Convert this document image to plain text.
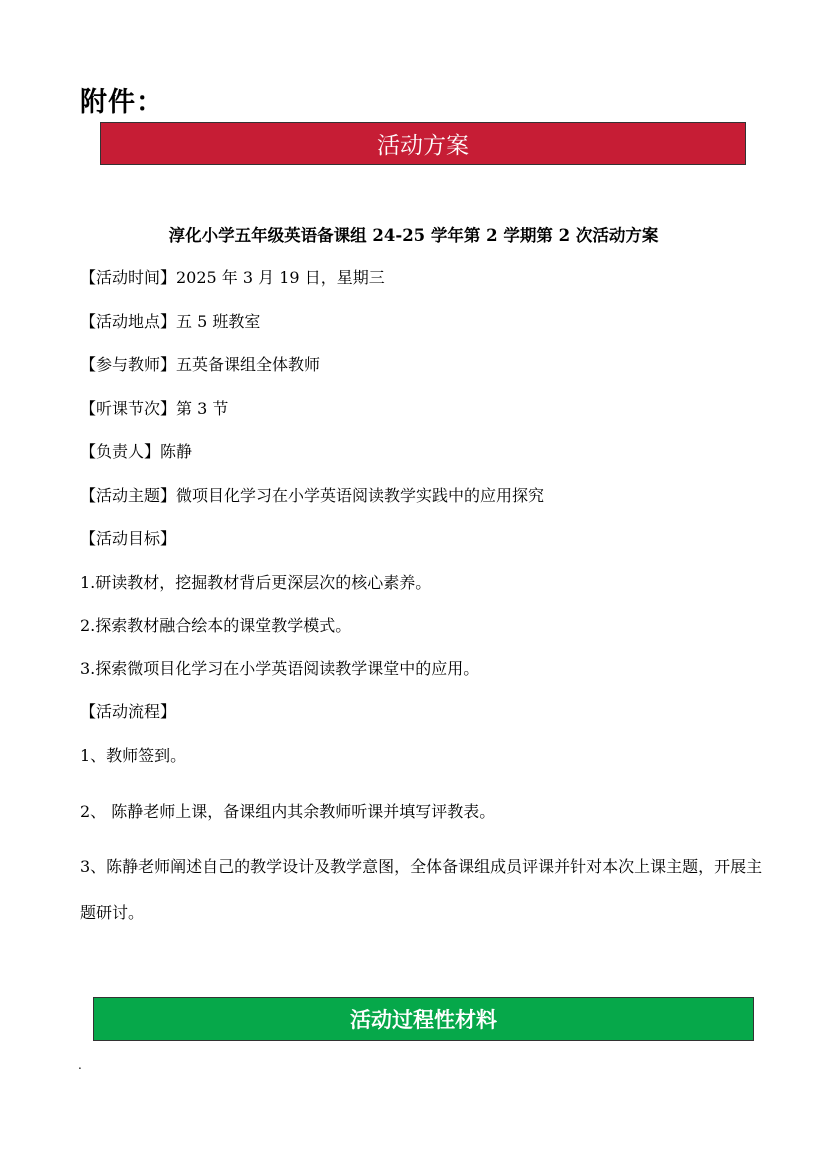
附件：
活动方案
淳化小学五年级英语备课组 24-25 学年第 2 学期第 2 次活动方案
【活动时间】2025 年 3 月 19 日，星期三
【活动地点】五 5 班教室
【参与教师】五英备课组全体教师
【听课节次】第 3 节
【负责人】陈静
【活动主题】微项目化学习在小学英语阅读教学实践中的应用探究
【活动目标】
1.研读教材，挖掘教材背后更深层次的核心素养。
2.探索教材融合绘本的课堂教学模式。
3.探索微项目化学习在小学英语阅读教学课堂中的应用。
【活动流程】
1、教师签到。
2、 陈静老师上课，备课组内其余教师听课并填写评教表。
3、陈静老师阐述自己的教学设计及教学意图，全体备课组成员评课并针对本次上课主题，开展主题研讨。
活动过程性材料
.
